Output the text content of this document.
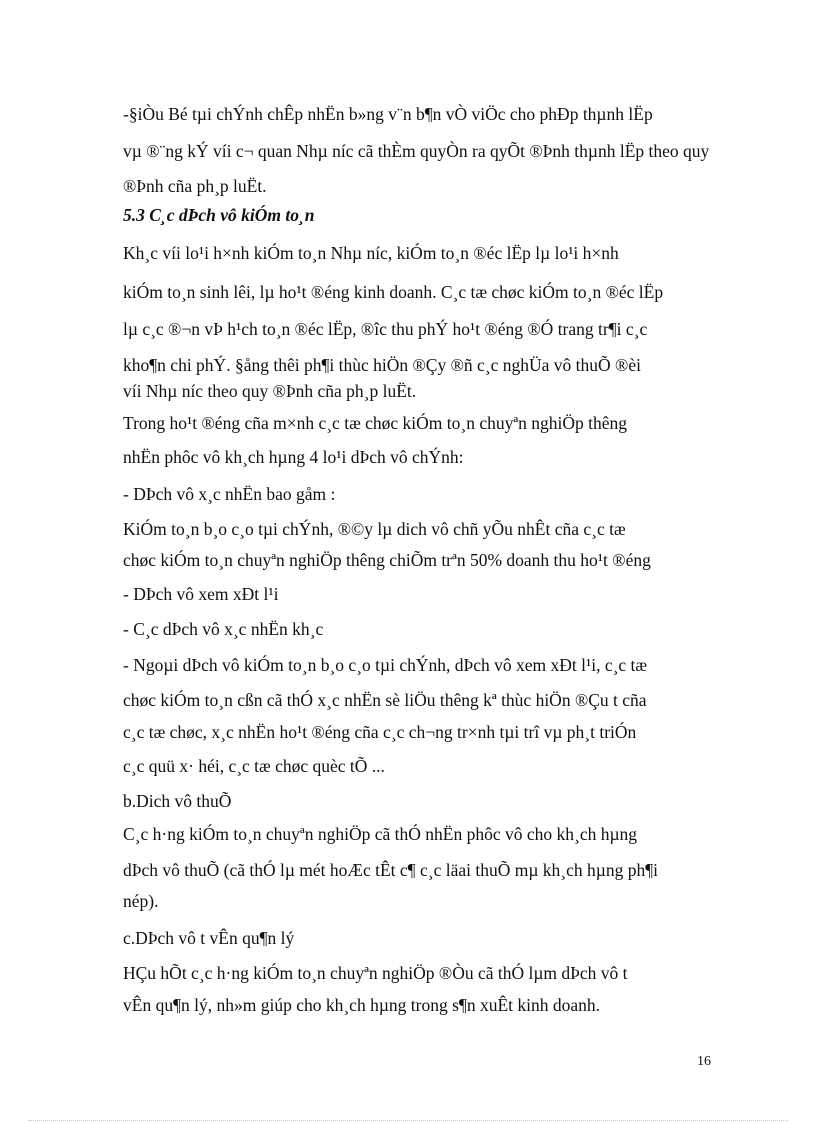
-§iÒu Bé tµi chÝnh chÊp nhËn b»ng v¨n b¶n vÒ viÖc cho phÐp thµnh lËp
vµ ®¨ng kÝ víi c¬ quan Nhµ níc cã thÈm quyÒn ra qyÕt ®Þnh thµnh lËp theo quy
®Þnh cña ph¸p luËt.
5.3 C¸c dÞch vô kiÓm to¸n
Kh¸c víi lo¹i h×nh kiÓm to¸n Nhµ níc, kiÓm to¸n ®éc lËp lµ lo¹i h×nh
kiÓm to¸n sinh lêi, lµ ho¹t ®éng kinh doanh. C¸c tæ chøc kiÓm to¸n ®éc lËp
lµ c¸c ®¬n vÞ h¹ch to¸n ®éc lËp, ®îc thu phÝ ho¹t ®éng ®Ó trang tr¶i c¸c
kho¶n chi phÝ. §ång thêi ph¶i thùc hiÖn ®Çy ®ñ c¸c nghÜa vô thuÕ ®èi
víi Nhµ níc theo quy ®Þnh cña ph¸p luËt.
Trong ho¹t ®éng cña m×nh c¸c tæ chøc kiÓm to¸n chuyªn nghiÖp thêng
nhËn phôc vô kh¸ch hµng 4 lo¹i dÞch vô chÝnh:
- DÞch vô x¸c nhËn bao gåm :
KiÓm to¸n b¸o c¸o tµi chÝnh, ®©y lµ dich vô chñ yÕu nhÊt cña c¸c tæ
chøc kiÓm to¸n chuyªn nghiÖp thêng chiÕm trªn 50% doanh thu ho¹t ®éng
- DÞch vô xem xÐt l¹i
- C¸c dÞch vô x¸c nhËn kh¸c
- Ngoµi dÞch vô kiÓm to¸n b¸o c¸o tµi chÝnh, dÞch vô xem xÐt l¹i, c¸c tæ
chøc kiÓm to¸n cßn cã thÓ x¸c nhËn sè liÖu thêng kª thùc hiÖn ®Çu t cña
c¸c tæ chøc, x¸c nhËn ho¹t ®éng cña c¸c ch¬ng tr×nh tµi trî vµ ph¸t triÓn
c¸c quü x· héi, c¸c tæ chøc quèc tÕ ...
b.Dich vô thuÕ
C¸c h·ng kiÓm to¸n chuyªn nghiÖp cã thÓ nhËn phôc vô cho kh¸ch hµng
dÞch vô thuÕ (cã thÓ lµ mét hoÆc tÊt c¶ c¸c läai thuÕ mµ kh¸ch hµng ph¶i
nép).
c.DÞch vô t vÊn qu¶n lý
HÇu hÕt c¸c h·ng kiÓm to¸n chuyªn nghiÖp ®Òu cã thÓ lµm dÞch vô t
vÊn qu¶n lý, nh»m giúp cho kh¸ch hµng trong s¶n xuÊt kinh doanh.
16
